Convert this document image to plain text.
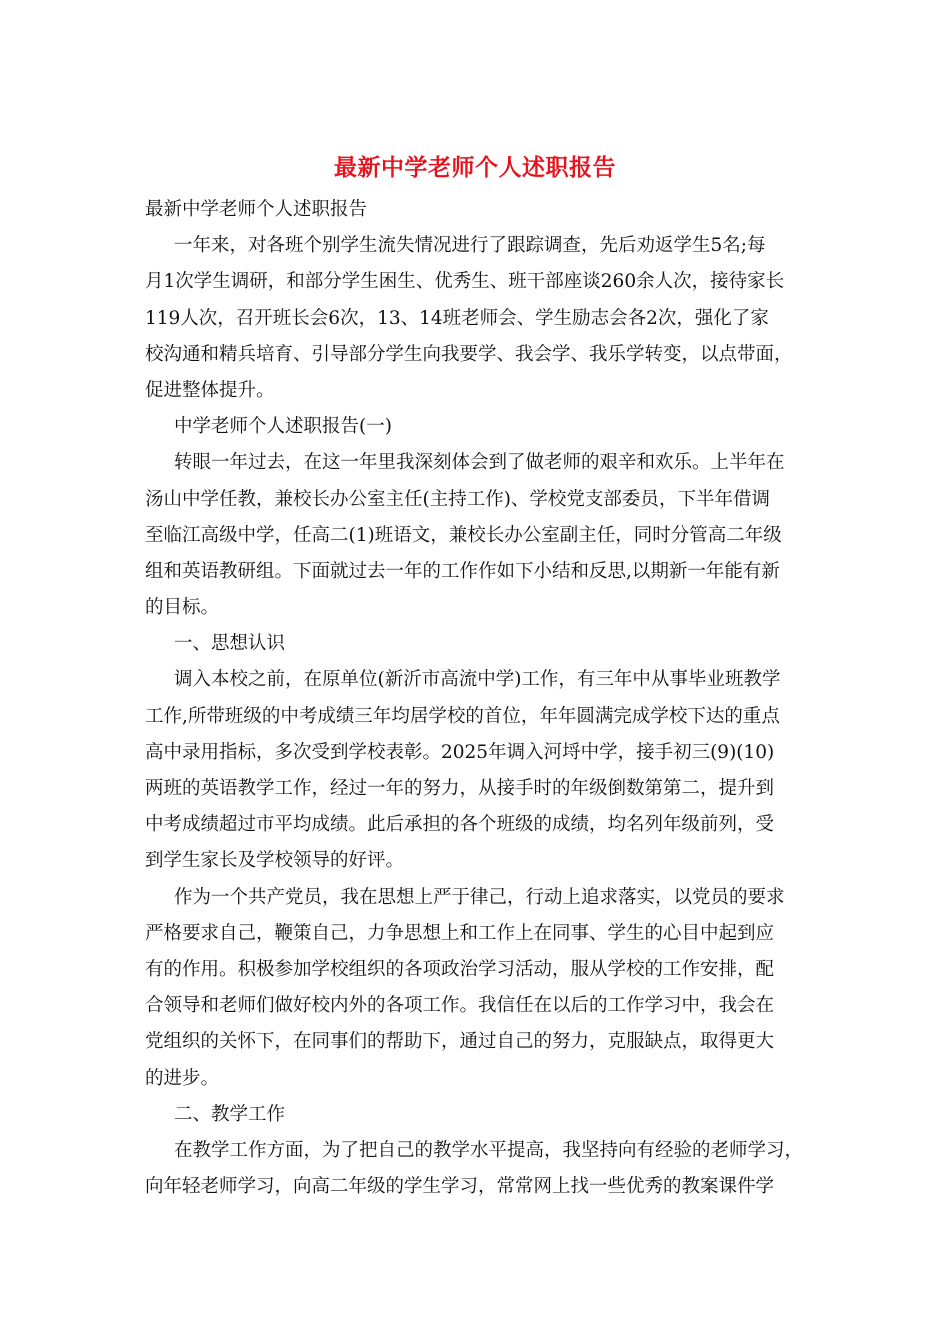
最新中学老师个人述职报告
最新中学老师个人述职报告
一年来，对各班个别学生流失情况进行了跟踪调查，先后劝返学生5名;每
月1次学生调研，和部分学生困生、优秀生、班干部座谈260余人次，接待家长
119人次，召开班长会6次，13、14班老师会、学生励志会各2次，强化了家
校沟通和精兵培育、引导部分学生向我要学、我会学、我乐学转变，以点带面，
促进整体提升。
中学老师个人述职报告(一)
转眼一年过去，在这一年里我深刻体会到了做老师的艰辛和欢乐。上半年在
汤山中学任教，兼校长办公室主任(主持工作)、学校党支部委员，下半年借调
至临江高级中学，任高二(1)班语文，兼校长办公室副主任，同时分管高二年级
组和英语教研组。下面就过去一年的工作作如下小结和反思,以期新一年能有新
的目标。
一、思想认识
调入本校之前，在原单位(新沂市高流中学)工作，有三年中从事毕业班教学
工作,所带班级的中考成绩三年均居学校的首位，年年圆满完成学校下达的重点
高中录用指标，多次受到学校表彰。2025年调入河埒中学，接手初三(9)(10)
两班的英语教学工作，经过一年的努力，从接手时的年级倒数第第二，提升到
中考成绩超过市平均成绩。此后承担的各个班级的成绩，均名列年级前列，受
到学生家长及学校领导的好评。
作为一个共产党员，我在思想上严于律己，行动上追求落实，以党员的要求
严格要求自己，鞭策自己，力争思想上和工作上在同事、学生的心目中起到应
有的作用。积极参加学校组织的各项政治学习活动，服从学校的工作安排，配
合领导和老师们做好校内外的各项工作。我信任在以后的工作学习中，我会在
党组织的关怀下，在同事们的帮助下，通过自己的努力，克服缺点，取得更大
的进步。
二、教学工作
在教学工作方面，为了把自己的教学水平提高，我坚持向有经验的老师学习，
向年轻老师学习，向高二年级的学生学习，常常网上找一些优秀的教案课件学
